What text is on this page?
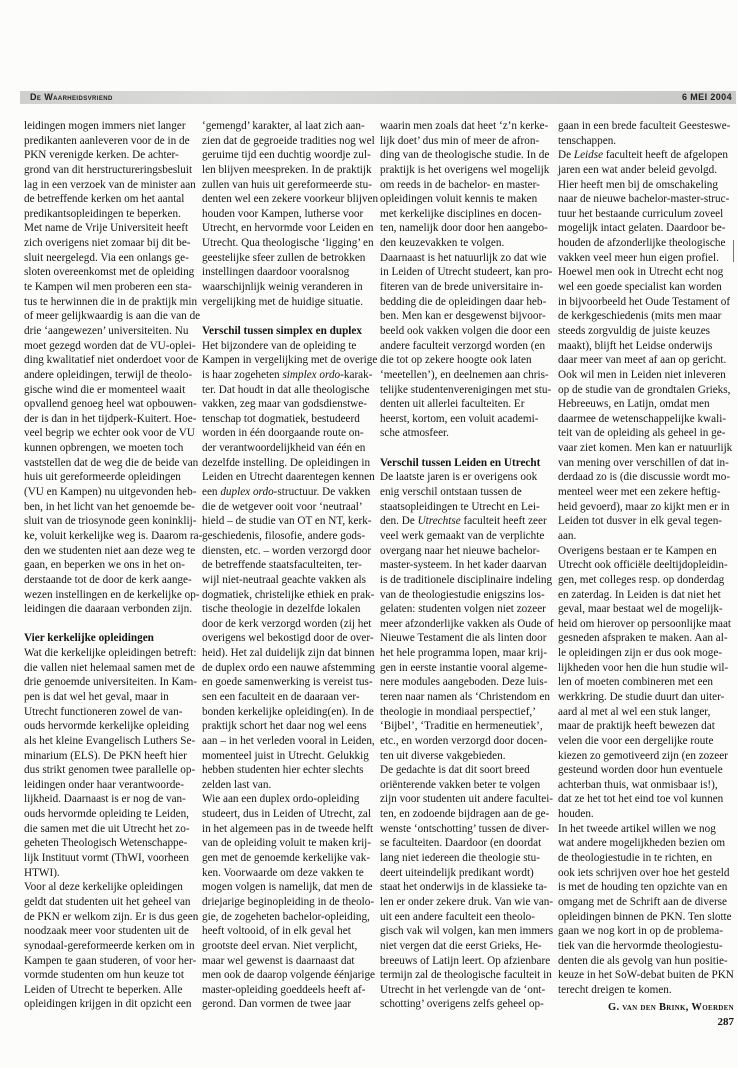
De Waarheidsvriend	6 MEI 2004
leidingen mogen immers niet langer
predikanten aanleveren voor de in de
PKN verenigde kerken. De achter-
grond van dit herstructureringsbesluit
lag in een verzoek van de minister aan
de betreffende kerken om het aantal
predikantsopleidingen te beperken.
Met name de Vrije Universiteit heeft
zich overigens niet zomaar bij dit be-
sluit neergelegd. Via een onlangs ge-
sloten overeenkomst met de opleiding
te Kampen wil men proberen een sta-
tus te herwinnen die in de praktijk min
of meer gelijkwaardig is aan die van de
drie ‘aangewezen’ universiteiten. Nu
moet gezegd worden dat de VU-oplei-
ding kwalitatief niet onderdoet voor de
andere opleidingen, terwijl de theolo-
gische wind die er momenteel waait
opvallend genoeg heel wat opbouwen-
der is dan in het tijdperk-Kuitert. Hoe-
veel begrip we echter ook voor de VU
kunnen opbrengen, we moeten toch
vaststellen dat de weg die de beide van
huis uit gereformeerde opleidingen
(VU en Kampen) nu uitgevonden heb-
ben, in het licht van het genoemde be-
sluit van de triosynode geen koninklij-
ke, voluit kerkelijke weg is. Daarom ra-
den we studenten niet aan deze weg te
gaan, en beperken we ons in het on-
derstaande tot de door de kerk aange-
wezen instellingen en de kerkelijke op-
leidingen die daaraan verbonden zijn.
Vier kerkelijke opleidingen
Wat die kerkelijke opleidingen betreft:
die vallen niet helemaal samen met de
drie genoemde universiteiten. In Kam-
pen is dat wel het geval, maar in
Utrecht functioneren zowel de van-
ouds hervormde kerkelijke opleiding
als het kleine Evangelisch Luthers Se-
minarium (ELS). De PKN heeft hier
dus strikt genomen twee parallelle op-
leidingen onder haar verantwoorde-
lijkheid. Daarnaast is er nog de van-
ouds hervormde opleiding te Leiden,
die samen met die uit Utrecht het zo-
geheten Theologisch Wetenschappe-
lijk Instituut vormt (ThWI, voorheen
HTWI).
Voor al deze kerkelijke opleidingen
geldt dat studenten uit het geheel van
de PKN er welkom zijn. Er is dus geen
noodzaak meer voor studenten uit de
synodaal-gereformeerde kerken om in
Kampen te gaan studeren, of voor her-
vormde studenten om hun keuze tot
Leiden of Utrecht te beperken. Alle
opleidingen krijgen in dit opzicht een
‘gemengd’ karakter, al laat zich aan-
zien dat de gegroeide tradities nog wel
geruime tijd een duchtig woordje zul-
len blijven meespreken. In de praktijk
zullen van huis uit gereformeerde stu-
denten wel een zekere voorkeur blijven
houden voor Kampen, lutherse voor
Utrecht, en hervormde voor Leiden en
Utrecht. Qua theologische ‘ligging’ en
geestelijke sfeer zullen de betrokken
instellingen daardoor vooralsnog
waarschijnlijk weinig veranderen in
vergelijking met de huidige situatie.
Verschil tussen simplex en duplex
Het bijzondere van de opleiding te
Kampen in vergelijking met de overige
is haar zogeheten simplex ordo-karak-
ter. Dat houdt in dat alle theologische
vakken, zeg maar van godsdienstwe-
tenschap tot dogmatiek, bestudeerd
worden in één doorgaande route on-
der verantwoordelijkheid van één en
dezelfde instelling. De opleidingen in
Leiden en Utrecht daarentegen kennen
een duplex ordo-structuur. De vakken
die de wetgever ooit voor ‘neutraal’
hield – de studie van OT en NT, kerk-
geschiedenis, filosofie, andere gods-
diensten, etc. – worden verzorgd door
de betreffende staatsfaculteiten, ter-
wijl niet-neutraal geachte vakken als
dogmatiek, christelijke ethiek en prak-
tische theologie in dezelfde lokalen
door de kerk verzorgd worden (zij het
overigens wel bekostigd door de over-
heid). Het zal duidelijk zijn dat binnen
de duplex ordo een nauwe afstemming
en goede samenwerking is vereist tus-
sen een faculteit en de daaraan ver-
bonden kerkelijke opleiding(en). In de
praktijk schort het daar nog wel eens
aan – in het verleden vooral in Leiden,
momenteel juist in Utrecht. Gelukkig
hebben studenten hier echter slechts
zelden last van.
Wie aan een duplex ordo-opleiding
studeert, dus in Leiden of Utrecht, zal
in het algemeen pas in de tweede helft
van de opleiding voluit te maken krij-
gen met de genoemde kerkelijke vak-
ken. Voorwaarde om deze vakken te
mogen volgen is namelijk, dat men de
driejarige beginopleiding in de theolo-
gie, de zogeheten bachelor-opleiding,
heeft voltooid, of in elk geval het
grootste deel ervan. Niet verplicht,
maar wel gewenst is daarnaast dat
men ook de daarop volgende éénjarige
master-opleiding goeddeels heeft af-
gerond. Dan vormen de twee jaar
waarin men zoals dat heet ‘z’n kerke-
lijk doet’ dus min of meer de afron-
ding van de theologische studie. In de
praktijk is het overigens wel mogelijk
om reeds in de bachelor- en master-
opleidingen voluit kennis te maken
met kerkelijke disciplines en docen-
ten, namelijk door door hen aangebo-
den keuzevakken te volgen.
Daarnaast is het natuurlijk zo dat wie
in Leiden of Utrecht studeert, kan pro-
fiteren van de brede universitaire in-
bedding die de opleidingen daar heb-
ben. Men kan er desgewenst bijvoor-
beeld ook vakken volgen die door een
andere faculteit verzorgd worden (en
die tot op zekere hoogte ook laten
‘meetellen’), en deelnemen aan chris-
telijke studentenverenigingen met stu-
denten uit allerlei faculteiten. Er
heerst, kortom, een voluit academi-
sche atmosfeer.
Verschil tussen Leiden en Utrecht
De laatste jaren is er overigens ook
enig verschil ontstaan tussen de
staatsopleidingen te Utrecht en Lei-
den. De Utrechtse faculteit heeft zeer
veel werk gemaakt van de verplichte
overgang naar het nieuwe bachelor-
master-systeem. In het kader daarvan
is de traditionele disciplinaire indeling
van de theologiestudie enigszins los-
gelaten: studenten volgen niet zozeer
meer afzonderlijke vakken als Oude of
Nieuwe Testament die als linten door
het hele programma lopen, maar krij-
gen in eerste instantie vooral algeme-
nere modules aangeboden. Deze luis-
teren naar namen als ‘Christendom en
theologie in mondiaal perspectief,’
‘Bijbel’, ‘Traditie en hermeneutiek’,
etc., en worden verzorgd door docen-
ten uit diverse vakgebieden.
De gedachte is dat dit soort breed
oriënterende vakken beter te volgen
zijn voor studenten uit andere facultei-
ten, en zodoende bijdragen aan de ge-
wenste ‘ontschotting’ tussen de diver-
se faculteiten. Daardoor (en doordat
lang niet iedereen die theologie stu-
deert uiteindelijk predikant wordt)
staat het onderwijs in de klassieke ta-
len er onder zekere druk. Van wie van-
uit een andere faculteit een theolo-
gisch vak wil volgen, kan men immers
niet vergen dat die eerst Grieks, He-
breeuws of Latijn leert. Op afzienbare
termijn zal de theologische faculteit in
Utrecht in het verlengde van de ‘ont-
schotting’ overigens zelfs geheel op-
gaan in een brede faculteit Geesteswe-
tenschappen.
De Leidse faculteit heeft de afgelopen
jaren een wat ander beleid gevolgd.
Hier heeft men bij de omschakeling
naar de nieuwe bachelor-master-struc-
tuur het bestaande curriculum zoveel
mogelijk intact gelaten. Daardoor be-
houden de afzonderlijke theologische
vakken veel meer hun eigen profiel.
Hoewel men ook in Utrecht echt nog
wel een goede specialist kan worden
in bijvoorbeeld het Oude Testament of
de kerkgeschiedenis (mits men maar
steeds zorgvuldig de juiste keuzes
maakt), blijft het Leidse onderwijs
daar meer van meet af aan op gericht.
Ook wil men in Leiden niet inleveren
op de studie van de grondtalen Grieks,
Hebreeuws, en Latijn, omdat men
daarmee de wetenschappelijke kwali-
teit van de opleiding als geheel in ge-
vaar ziet komen. Men kan er natuurlijk
van mening over verschillen of dat in-
derdaad zo is (die discussie wordt mo-
menteel weer met een zekere heftig-
heid gevoerd), maar zo kijkt men er in
Leiden tot dusver in elk geval tegen-
aan.
Overigens bestaan er te Kampen en
Utrecht ook officiële deeltijdopleidin-
gen, met colleges resp. op donderdag
en zaterdag. In Leiden is dat niet het
geval, maar bestaat wel de mogelijk-
heid om hierover op persoonlijke maat
gesneden afspraken te maken. Aan al-
le opleidingen zijn er dus ook moge-
lijkheden voor hen die hun studie wil-
len of moeten combineren met een
werkkring. De studie duurt dan uiter-
aard al met al wel een stuk langer,
maar de praktijk heeft bewezen dat
velen die voor een dergelijke route
kiezen zo gemotiveerd zijn (en zozeer
gesteund worden door hun eventuele
achterban thuis, wat onmisbaar is!),
dat ze het tot het eind toe vol kunnen
houden.
In het tweede artikel willen we nog
wat andere mogelijkheden bezien om
de theologiestudie in te richten, en
ook iets schrijven over hoe het gesteld
is met de houding ten opzichte van en
omgang met de Schrift aan de diverse
opleidingen binnen de PKN. Ten slotte
gaan we nog kort in op de problema-
tiek van die hervormde theologiestu-
denten die als gevolg van hun positie-
keuze in het SoW-debat buiten de PKN
terecht dreigen te komen.
G. van den Brink, Woerden
287
